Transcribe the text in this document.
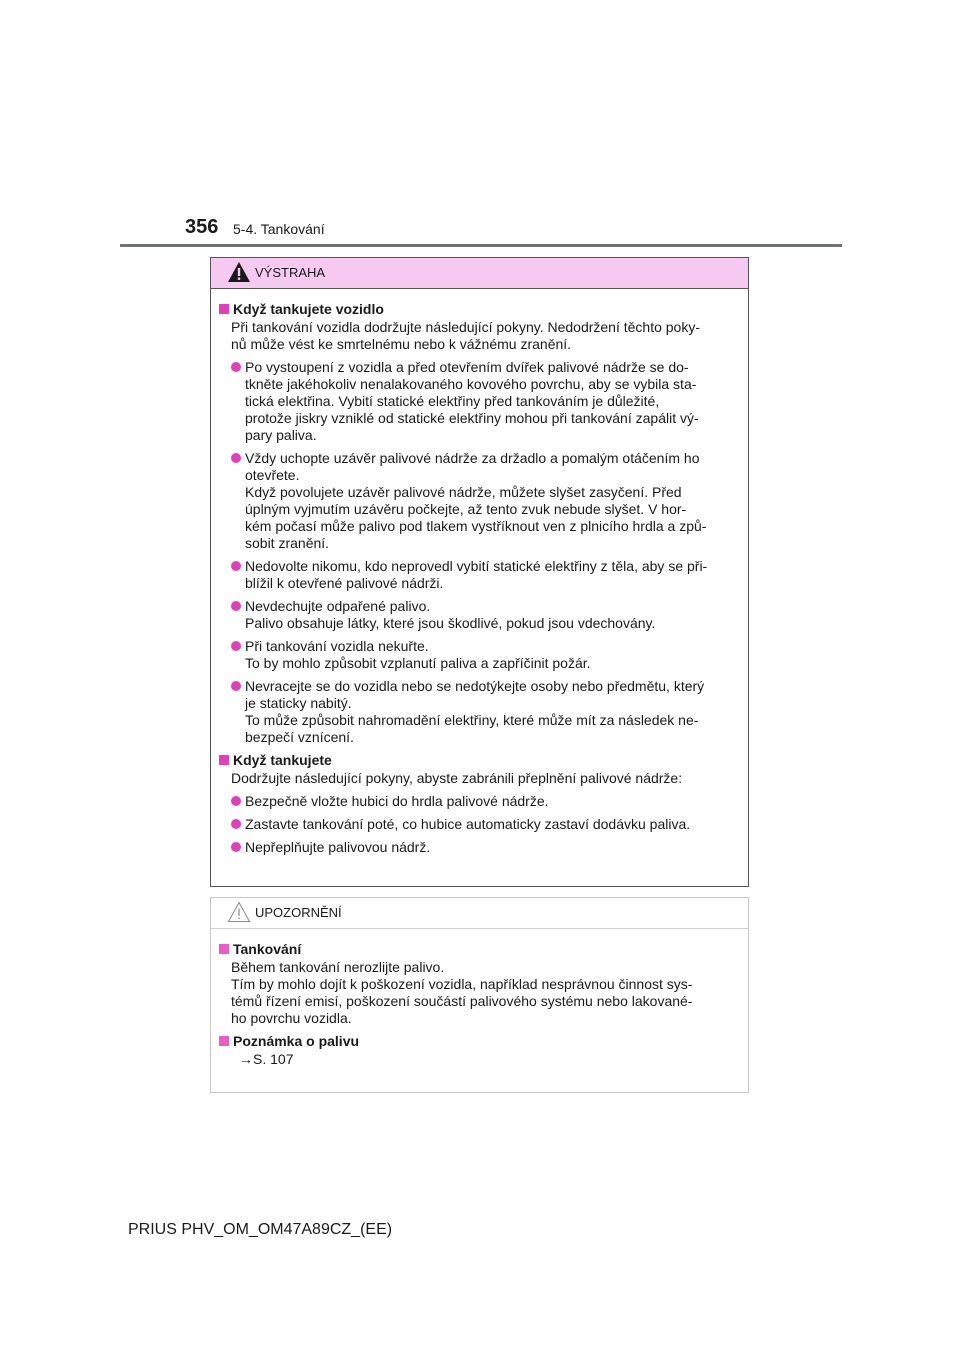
356 5-4. Tankování
VÝSTRAHA
Když tankujete vozidlo
Při tankování vozidla dodržujte následující pokyny. Nedodržení těchto poky-
nů může vést ke smrtelnému nebo k vážnému zranění.
Po vystoupení z vozidla a před otevřením dvířek palivové nádrže se do-
tkněte jakéhokoliv nenalakovaného kovového povrchu, aby se vybila sta-
tická elektřina. Vybití statické elektřiny před tankováním je důležité,
protože jiskry vzniklé od statické elektřiny mohou při tankování zapálit vý-
pary paliva.
Vždy uchopte uzávěr palivové nádrže za držadlo a pomalým otáčením ho
otevřete.
Když povolujete uzávěr palivové nádrže, můžete slyšet zasyčení. Před
úplným vyjmutím uzávěru počkejte, až tento zvuk nebude slyšet. V hor-
kém počasí může palivo pod tlakem vystříknout ven z plnicího hrdla a způ-
sobit zranění.
Nedovolte nikomu, kdo neprovedl vybití statické elektřiny z těla, aby se při-
blížil k otevřené palivové nádrži.
Nevdechujte odpařené palivo.
Palivo obsahuje látky, které jsou škodlivé, pokud jsou vdechovány.
Při tankování vozidla nekuřte.
To by mohlo způsobit vzplanutí paliva a zapříčinit požár.
Nevracejte se do vozidla nebo se nedotýkejte osoby nebo předmětu, který
je staticky nabitý.
To může způsobit nahromadění elektřiny, které může mít za následek ne-
bezpečí vznícení.
Když tankujete
Dodržujte následující pokyny, abyste zabránili přeplnění palivové nádrže:
Bezpečně vložte hubici do hrdla palivové nádrže.
Zastavte tankování poté, co hubice automaticky zastaví dodávku paliva.
Nepřeplňujte palivovou nádrž.
UPOZORNĚNÍ
Tankování
Během tankování nerozlijte palivo.
Tím by mohlo dojít k poškození vozidla, například nesprávnou činnost sys-
témů řízení emisí, poškození součástí palivového systému nebo lakované-
ho povrchu vozidla.
Poznámka o palivu
→S. 107
PRIUS PHV_OM_OM47A89CZ_(EE)
